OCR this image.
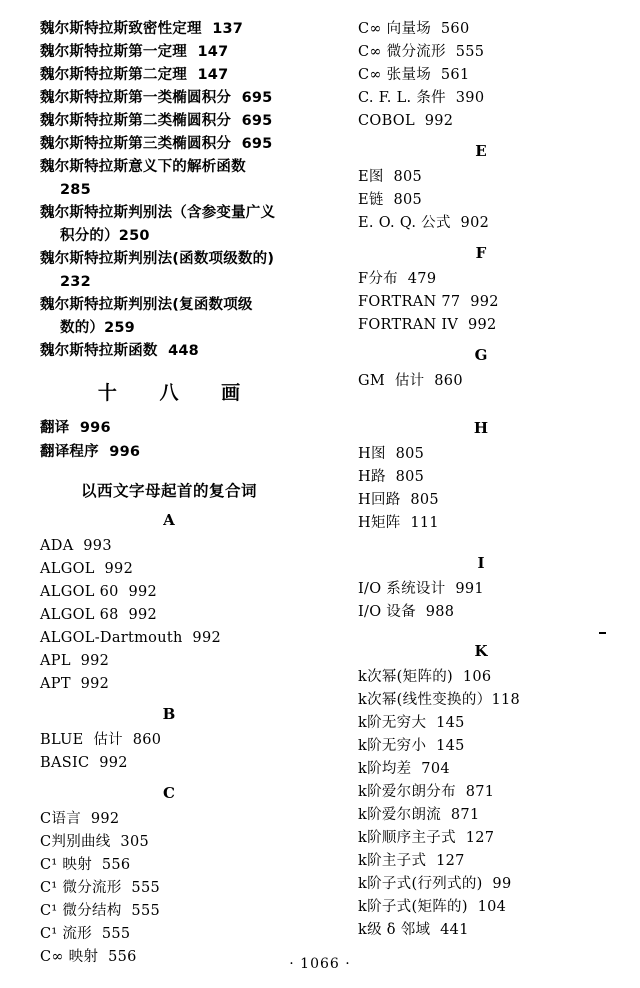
魏尔斯特拉斯致密性定理  137
魏尔斯特拉斯第一定理  147
魏尔斯特拉斯第二定理  147
魏尔斯特拉斯第一类椭圆积分  695
魏尔斯特拉斯第二类椭圆积分  695
魏尔斯特拉斯第三类椭圆积分  695
魏尔斯特拉斯意义下的解析函数
285
魏尔斯特拉斯判别法（含参变量广义
积分的）250
魏尔斯特拉斯判别法(函数项级数的)
232
魏尔斯特拉斯判别法(复函数项级
数的）259
魏尔斯特拉斯函数  448
十 八 画
翻译  996
翻译程序  996
以西文字母起首的复合词
A
ADA  993
ALGOL  992
ALGOL 60  992
ALGOL 68  992
ALGOL-Dartmouth  992
APL  992
APT  992
B
BLUE  估计  860
BASIC  992
C
C语言  992
C判别曲线  305
C¹ 映射  556
C¹ 微分流形  555
C¹ 微分结构  555
C¹ 流形  555
C∞ 映射  556
C∞ 向量场  560
C∞ 微分流形  555
C∞ 张量场  561
C. F. L. 条件  390
COBOL  992
E
E图  805
E链  805
E. O. Q. 公式  902
F
F分布  479
FORTRAN 77  992
FORTRAN IV  992
G
GM  估计  860
H
H图  805
H路  805
H回路  805
H矩阵  111
I
I/O 系统设计  991
I/O 设备  988
K
k次幂(矩阵的)  106
k次幂(线性变换的）118
k阶无穷大  145
k阶无穷小  145
k阶均差  704
k阶爱尔朗分布  871
k阶爱尔朗流  871
k阶顺序主子式  127
k阶主子式  127
k阶子式(行列式的)  99
k阶子式(矩阵的)  104
k级 δ 邻域  441
· 1066 ·
